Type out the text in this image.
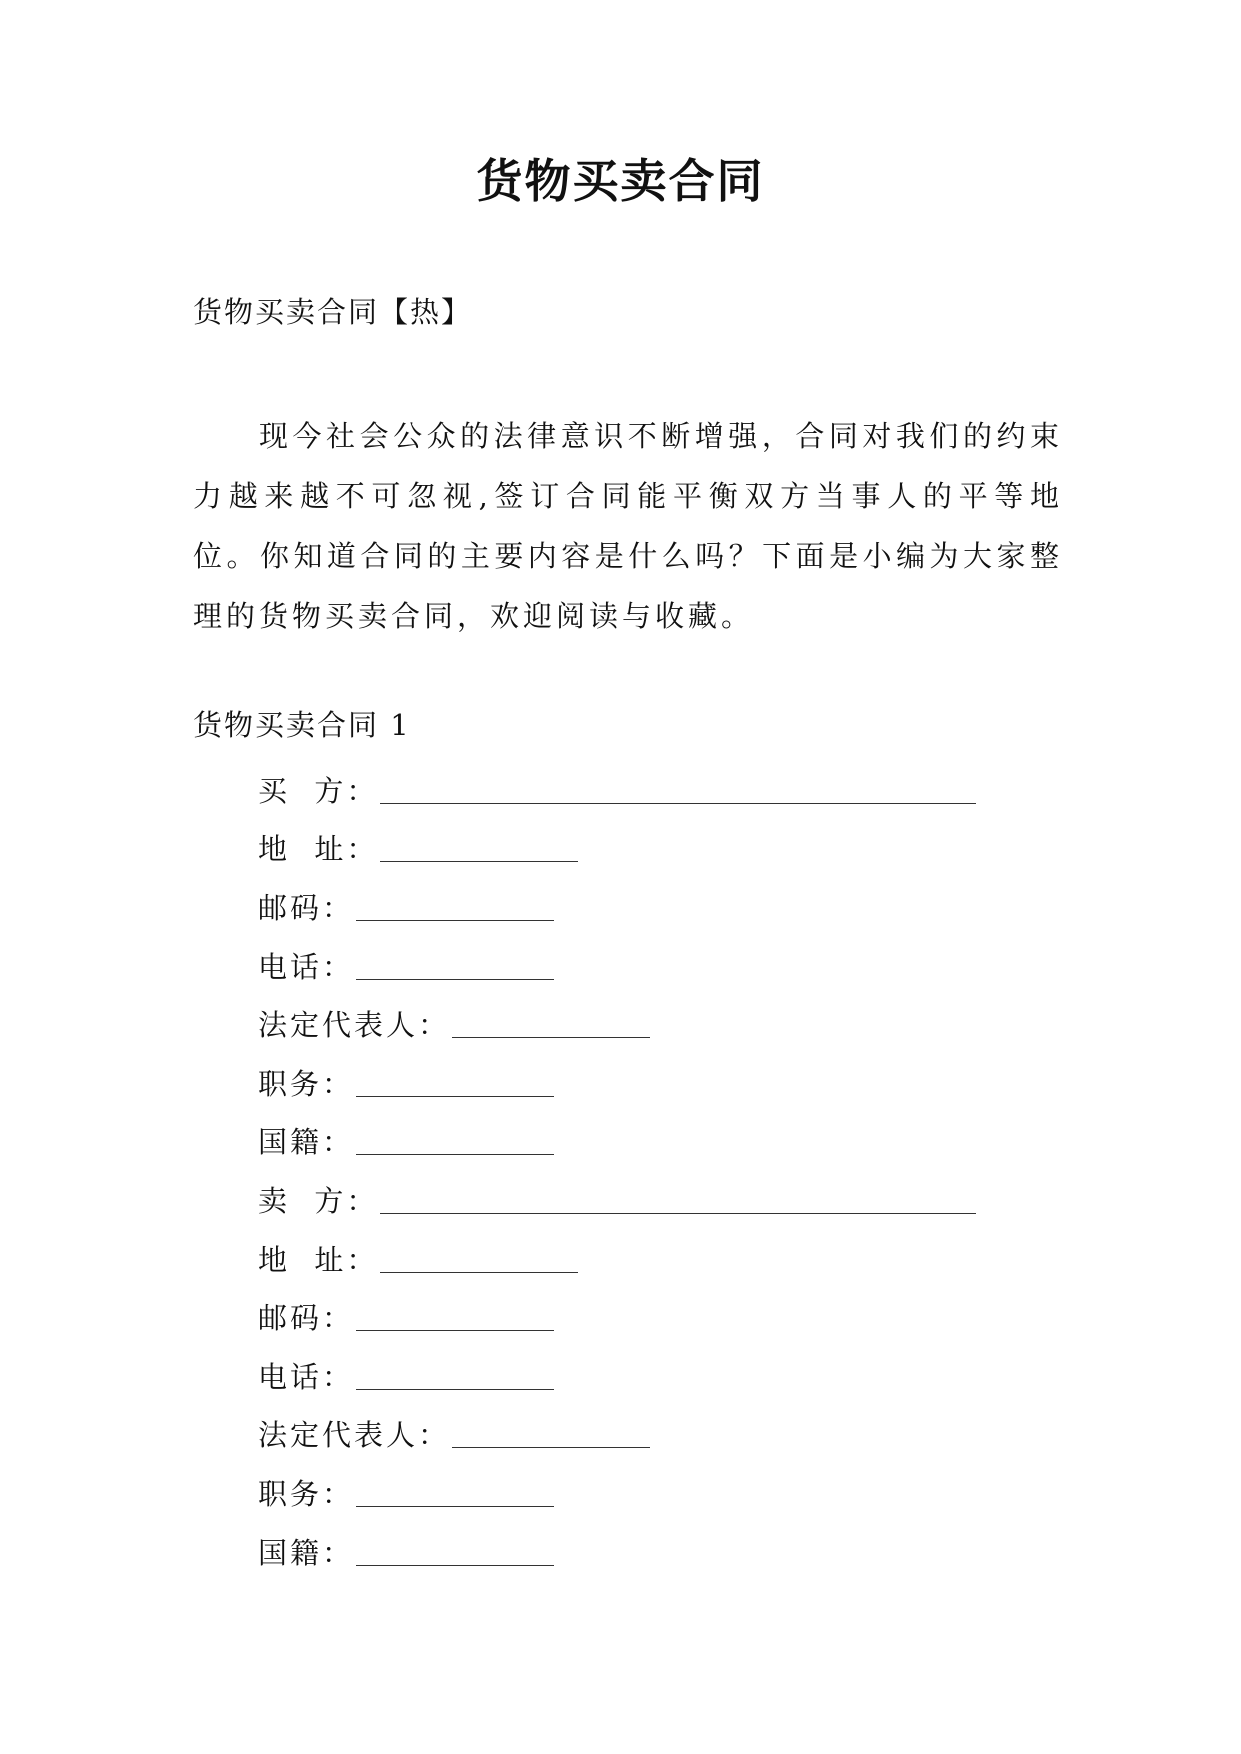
货物买卖合同
货物买卖合同【热】

现今社会公众的法律意识不断增强，合同对我们的约束力越来越不可忽视,签订合同能平衡双方当事人的平等地位。你知道合同的主要内容是什么吗？下面是小编为大家整理的货物买卖合同，欢迎阅读与收藏。

货物买卖合同 1
买  方：
地  址：
邮码：
电话：
法定代表人：
职务：
国籍：
卖  方：
地  址：
邮码：
电话：
法定代表人：
职务：
国籍：
